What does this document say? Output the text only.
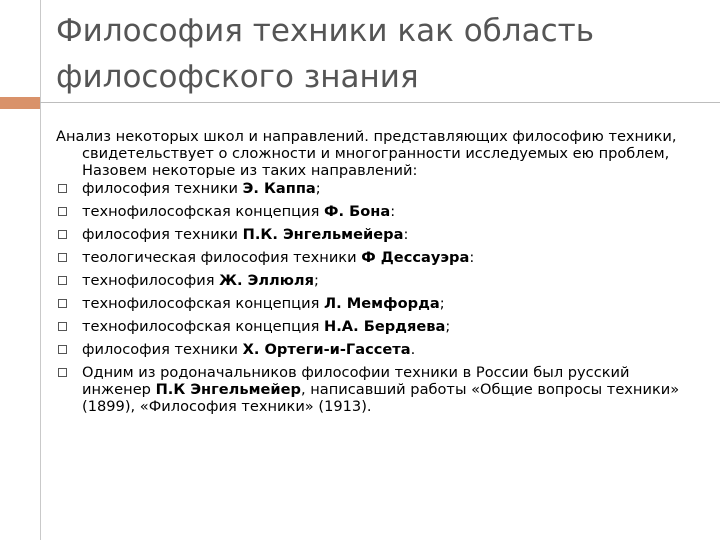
Философия техники как область философского знания

Анализ некоторых школ и направлений. представляющих философию техники, свидетельствует о сложности и многогранности исследуемых ею проблем, Назовем некоторые из таких направлений:

философия техники Э. Каппа;
технофилософская концепция Ф. Бона:
философия техники П.К. Энгельмейера:
теологическая философия техники Ф Дессауэра:
технофилософия Ж. Эллюля;
технофилософская концепция Л. Мемфорда;
технофилософская концепция Н.А. Бердяева;
философия техники Х. Ортеги-и-Гассета.
Одним из родоначальников философии техники в России был русский инженер П.К Энгельмейер, написавший работы «Общие вопросы техники» (1899), «Философия техники» (1913).
